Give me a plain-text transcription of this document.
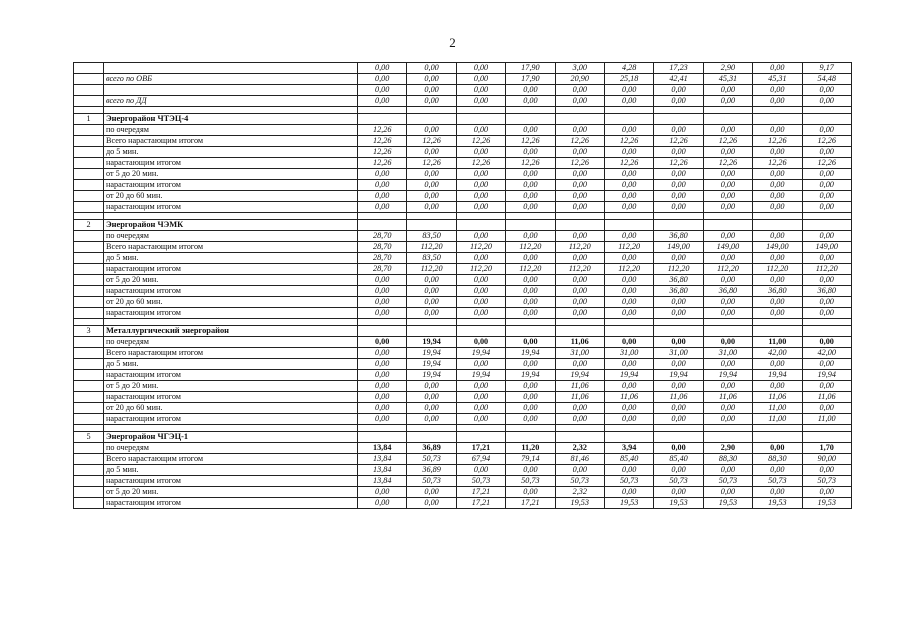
2
		0,00	0,00	0,00	17,90	3,00	4,28	17,23	2,90	0,00	9,17
	всего по ОВБ	0,00	0,00	0,00	17,90	20,90	25,18	42,41	45,31	45,31	54,48
		0,00	0,00	0,00	0,00	0,00	0,00	0,00	0,00	0,00	0,00
	всего по ДД	0,00	0,00	0,00	0,00	0,00	0,00	0,00	0,00	0,00	0,00

1	Энергорайон ЧТЭЦ-4										
	по очередям	12,26	0,00	0,00	0,00	0,00	0,00	0,00	0,00	0,00	0,00
	Всего нарастающим итогом	12,26	12,26	12,26	12,26	12,26	12,26	12,26	12,26	12,26	12,26
	до 5 мин.	12,26	0,00	0,00	0,00	0,00	0,00	0,00	0,00	0,00	0,00
	нарастающим итогом	12,26	12,26	12,26	12,26	12,26	12,26	12,26	12,26	12,26	12,26
	от 5 до 20 мин.	0,00	0,00	0,00	0,00	0,00	0,00	0,00	0,00	0,00	0,00
	нарастающим итогом	0,00	0,00	0,00	0,00	0,00	0,00	0,00	0,00	0,00	0,00
	от 20 до 60 мин.	0,00	0,00	0,00	0,00	0,00	0,00	0,00	0,00	0,00	0,00
	нарастающим итогом	0,00	0,00	0,00	0,00	0,00	0,00	0,00	0,00	0,00	0,00

2	Энергорайон ЧЭМК										
	по очередям	28,70	83,50	0,00	0,00	0,00	0,00	36,80	0,00	0,00	0,00
	Всего нарастающим итогом	28,70	112,20	112,20	112,20	112,20	112,20	149,00	149,00	149,00	149,00
	до 5 мин.	28,70	83,50	0,00	0,00	0,00	0,00	0,00	0,00	0,00	0,00
	нарастающим итогом	28,70	112,20	112,20	112,20	112,20	112,20	112,20	112,20	112,20	112,20
	от 5 до 20 мин.	0,00	0,00	0,00	0,00	0,00	0,00	36,80	0,00	0,00	0,00
	нарастающим итогом	0,00	0,00	0,00	0,00	0,00	0,00	36,80	36,80	36,80	36,80
	от 20 до 60 мин.	0,00	0,00	0,00	0,00	0,00	0,00	0,00	0,00	0,00	0,00
	нарастающим итогом	0,00	0,00	0,00	0,00	0,00	0,00	0,00	0,00	0,00	0,00

3	Металлургический энергорайон										
	по очередям	0,00	19,94	0,00	0,00	11,06	0,00	0,00	0,00	11,00	0,00
	Всего нарастающим итогом	0,00	19,94	19,94	19,94	31,00	31,00	31,00	31,00	42,00	42,00
	до 5 мин.	0,00	19,94	0,00	0,00	0,00	0,00	0,00	0,00	0,00	0,00
	нарастающим итогом	0,00	19,94	19,94	19,94	19,94	19,94	19,94	19,94	19,94	19,94
	от 5 до 20 мин.	0,00	0,00	0,00	0,00	11,06	0,00	0,00	0,00	0,00	0,00
	нарастающим итогом	0,00	0,00	0,00	0,00	11,06	11,06	11,06	11,06	11,06	11,06
	от 20 до 60 мин.	0,00	0,00	0,00	0,00	0,00	0,00	0,00	0,00	11,00	0,00
	нарастающим итогом	0,00	0,00	0,00	0,00	0,00	0,00	0,00	0,00	11,00	11,00

5	Энергорайон ЧГЭЦ-1										
	по очередям	13,84	36,89	17,21	11,20	2,32	3,94	0,00	2,90	0,00	1,70
	Всего нарастающим итогом	13,84	50,73	67,94	79,14	81,46	85,40	85,40	88,30	88,30	90,00
	до 5 мин.	13,84	36,89	0,00	0,00	0,00	0,00	0,00	0,00	0,00	0,00
	нарастающим итогом	13,84	50,73	50,73	50,73	50,73	50,73	50,73	50,73	50,73	50,73
	от 5 до 20 мин.	0,00	0,00	17,21	0,00	2,32	0,00	0,00	0,00	0,00	0,00
	нарастающим итогом	0,00	0,00	17,21	17,21	19,53	19,53	19,53	19,53	19,53	19,53
